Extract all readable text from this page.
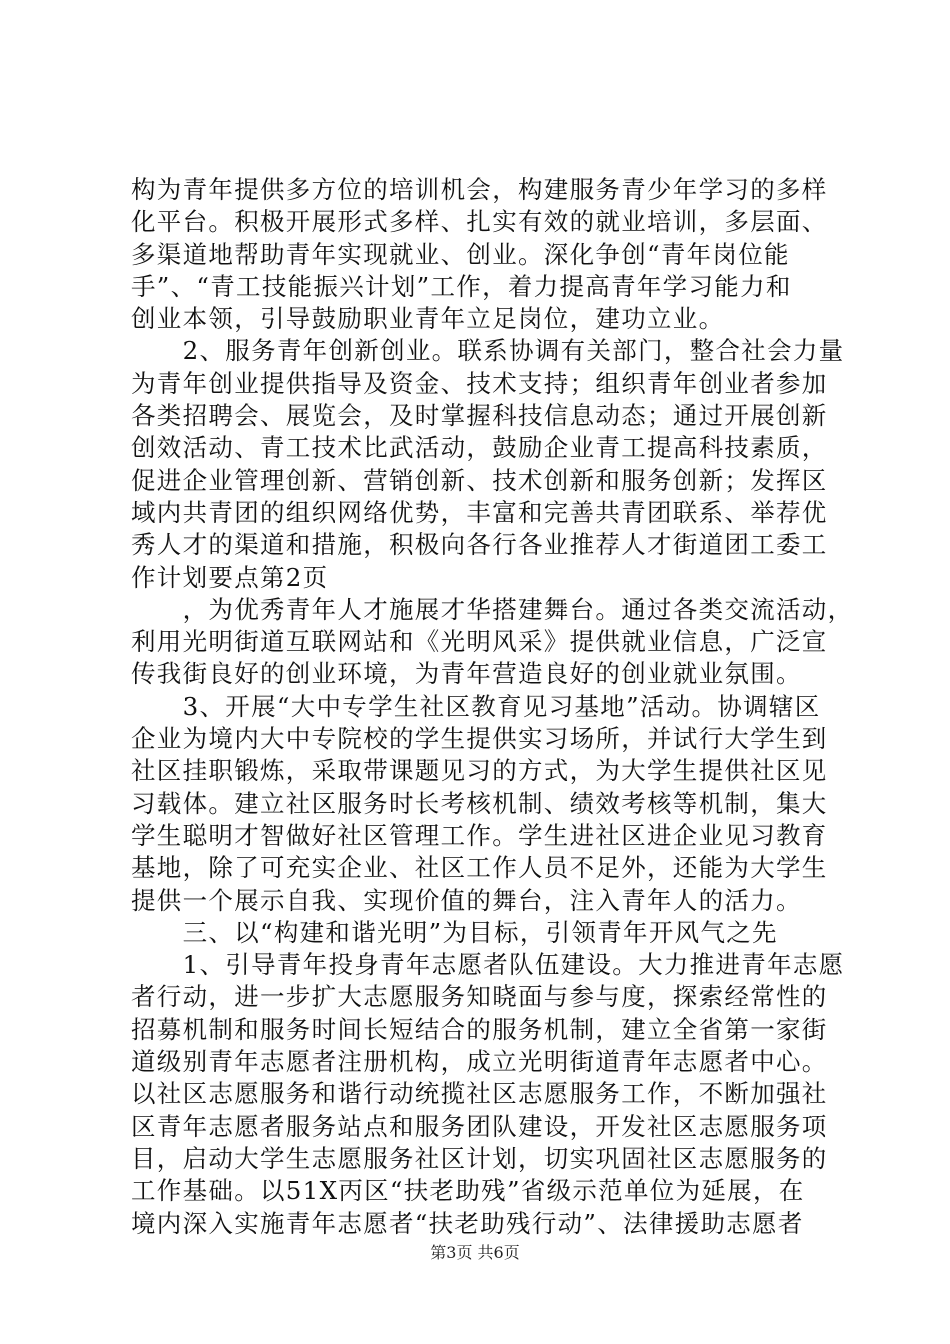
构为青年提供多方位的培训机会，构建服务青少年学习的多样
化平台。积极开展形式多样、扎实有效的就业培训，多层面、
多渠道地帮助青年实现就业、创业。深化争创“青年岗位能
手”、“青工技能振兴计划”工作，着力提高青年学习能力和
创业本领，引导鼓励职业青年立足岗位，建功立业。
　　2、服务青年创新创业。联系协调有关部门，整合社会力量
为青年创业提供指导及资金、技术支持；组织青年创业者参加
各类招聘会、展览会，及时掌握科技信息动态；通过开展创新
创效活动、青工技术比武活动，鼓励企业青工提高科技素质，
促进企业管理创新、营销创新、技术创新和服务创新；发挥区
域内共青团的组织网络优势，丰富和完善共青团联系、举荐优
秀人才的渠道和措施，积极向各行各业推荐人才街道团工委工
作计划要点第2页
　　，为优秀青年人才施展才华搭建舞台。通过各类交流活动，
利用光明街道互联网站和《光明风采》提供就业信息，广泛宣
传我街良好的创业环境，为青年营造良好的创业就业氛围。
　　3、开展“大中专学生社区教育见习基地”活动。协调辖区
企业为境内大中专院校的学生提供实习场所，并试行大学生到
社区挂职锻炼，采取带课题见习的方式，为大学生提供社区见
习载体。建立社区服务时长考核机制、绩效考核等机制，集大
学生聪明才智做好社区管理工作。学生进社区进企业见习教育
基地，除了可充实企业、社区工作人员不足外，还能为大学生
提供一个展示自我、实现价值的舞台，注入青年人的活力。
　　三、以“构建和谐光明”为目标，引领青年开风气之先
　　1、引导青年投身青年志愿者队伍建设。大力推进青年志愿
者行动，进一步扩大志愿服务知晓面与参与度，探索经常性的
招募机制和服务时间长短结合的服务机制，建立全省第一家街
道级别青年志愿者注册机构，成立光明街道青年志愿者中心。
以社区志愿服务和谐行动统揽社区志愿服务工作，不断加强社
区青年志愿者服务站点和服务团队建设，开发社区志愿服务项
目，启动大学生志愿服务社区计划，切实巩固社区志愿服务的
工作基础。以51X丙区“扶老助残”省级示范单位为延展，在
境内深入实施青年志愿者“扶老助残行动”、法律援助志愿者
第3页 共6页
